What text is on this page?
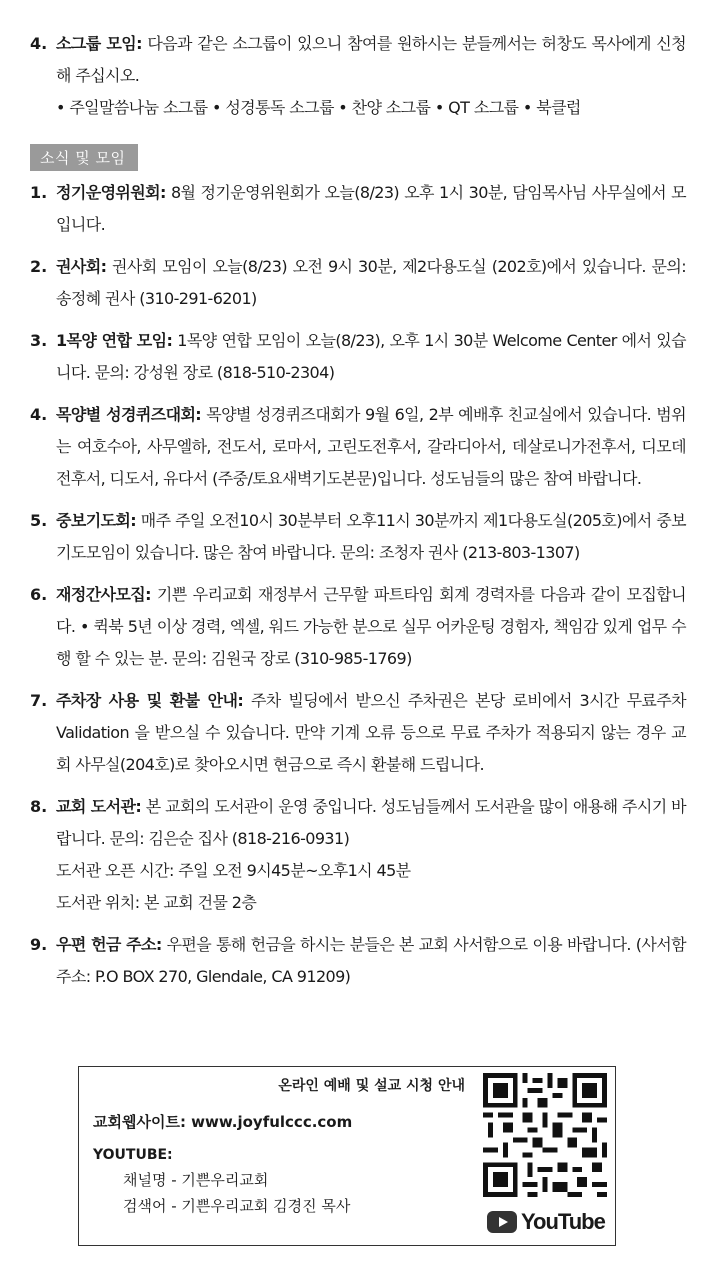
4. 소그룹 모임: 다음과 같은 소그룹이 있으니 참여를 원하시는 분들께서는 허창도 목사에게 신청해 주십시오.
• 주일말씀나눔 소그룹 • 성경통독 소그룹 • 찬양 소그룹 • QT 소그룹 • 북클럽
소식 및 모임
1. 정기운영위원회: 8월 정기운영위원회가 오늘(8/23) 오후 1시 30분, 담임목사님 사무실에서 모입니다.
2. 권사회: 권사회 모임이 오늘(8/23) 오전 9시 30분, 제2다용도실 (202호)에서 있습니다. 문의: 송정혜 권사 (310-291-6201)
3. 1목양 연합 모임: 1목양 연합 모임이 오늘(8/23), 오후 1시 30분 Welcome Center 에서 있습니다. 문의: 강성원 장로 (818-510-2304)
4. 목양별 성경퀴즈대회: 목양별 성경퀴즈대회가 9월 6일, 2부 예배후 친교실에서 있습니다. 범위는 여호수아, 사무엘하, 전도서, 로마서, 고린도전후서, 갈라디아서, 데살로니가전후서, 디모데전후서, 디도서, 유다서 (주중/토요새벽기도본문)입니다. 성도님들의 많은 참여 바랍니다.
5. 중보기도회: 매주 주일 오전10시 30분부터 오후11시 30분까지 제1다용도실(205호)에서 중보기도모임이 있습니다. 많은 참여 바랍니다. 문의: 조청자 권사 (213-803-1307)
6. 재정간사모집: 기쁜 우리교회 재정부서 근무할 파트타임 회계 경력자를 다음과 같이 모집합니다. • 퀵북 5년 이상 경력, 엑셀, 워드 가능한 분으로 실무 어카운팅 경험자, 책임감 있게 업무 수행 할 수 있는 분. 문의: 김원국 장로 (310-985-1769)
7. 주차장 사용 및 환불 안내: 주차 빌딩에서 받으신 주차권은 본당 로비에서 3시간 무료주차 Validation 을 받으실 수 있습니다. 만약 기계 오류 등으로 무료 주차가 적용되지 않는 경우 교회 사무실(204호)로 찾아오시면 현금으로 즉시 환불해 드립니다.
8. 교회 도서관: 본 교회의 도서관이 운영 중입니다. 성도님들께서 도서관을 많이 애용해 주시기 바랍니다. 문의: 김은순 집사 (818-216-0931)
도서관 오픈 시간: 주일 오전 9시45분~오후1시 45분
도서관 위치: 본 교회 건물 2층
9. 우편 헌금 주소: 우편을 통해 헌금을 하시는 분들은 본 교회 사서함으로 이용 바랍니다. (사서함 주소: P.O BOX 270, Glendale, CA 91209)
온라인 예배 및 설교 시청 안내
교회웹사이트: www.joyfulccc.com
YOUTUBE:
채널명 - 기쁜우리교회
검색어 - 기쁜우리교회 김경진 목사
YouTube
